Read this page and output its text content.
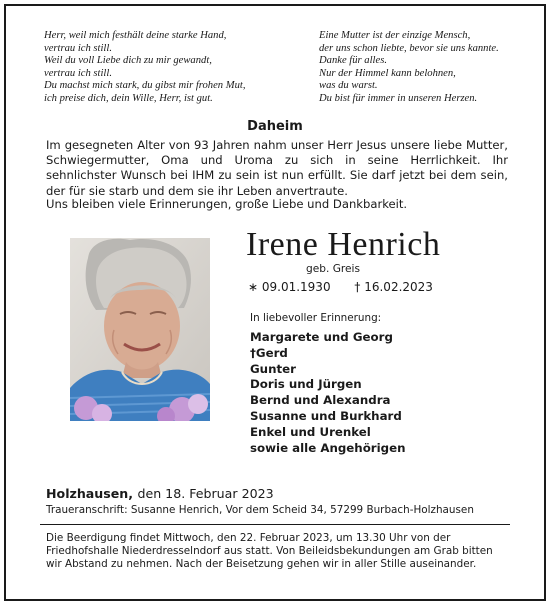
Herr, weil mich festhält deine starke Hand,
vertrau ich still.
Weil du voll Liebe dich zu mir gewandt,
vertrau ich still.
Du machst mich stark, du gibst mir frohen Mut,
ich preise dich, dein Wille, Herr, ist gut.
Eine Mutter ist der einzige Mensch,
der uns schon liebte, bevor sie uns kannte.
Danke für alles.
Nur der Himmel kann belohnen,
was du warst.
Du bist für immer in unseren Herzen.
Daheim

Im gesegneten Alter von 93 Jahren nahm unser Herr Jesus unsere liebe Mutter, Schwiegermutter, Oma und Uroma zu sich in seine Herrlichkeit. Ihr sehnlichster Wunsch bei IHM zu sein ist nun erfüllt. Sie darf jetzt bei dem sein, der für sie starb und dem sie ihr Leben anvertraute.

Uns bleiben viele Erinnerungen, große Liebe und Dankbarkeit.

Irene Henrich
geb. Greis
∗ 09.01.1930 † 16.02.2023
In liebevoller Erinnerung:
Margarete und Georg
†Gerd
Gunter
Doris und Jürgen
Bernd und Alexandra
Susanne und Burkhard
Enkel und Urenkel
sowie alle Angehörigen
Holzhausen, den 18. Februar 2023
Traueranschrift: Susanne Henrich, Vor dem Scheid 34, 57299 Burbach-Holzhausen

Die Beerdigung findet Mittwoch, den 22. Februar 2023, um 13.30 Uhr von der Friedhofshalle Niederdresselndorf aus statt. Von Beileidsbekundungen am Grab bitten wir Abstand zu nehmen. Nach der Beisetzung gehen wir in aller Stille auseinander.
